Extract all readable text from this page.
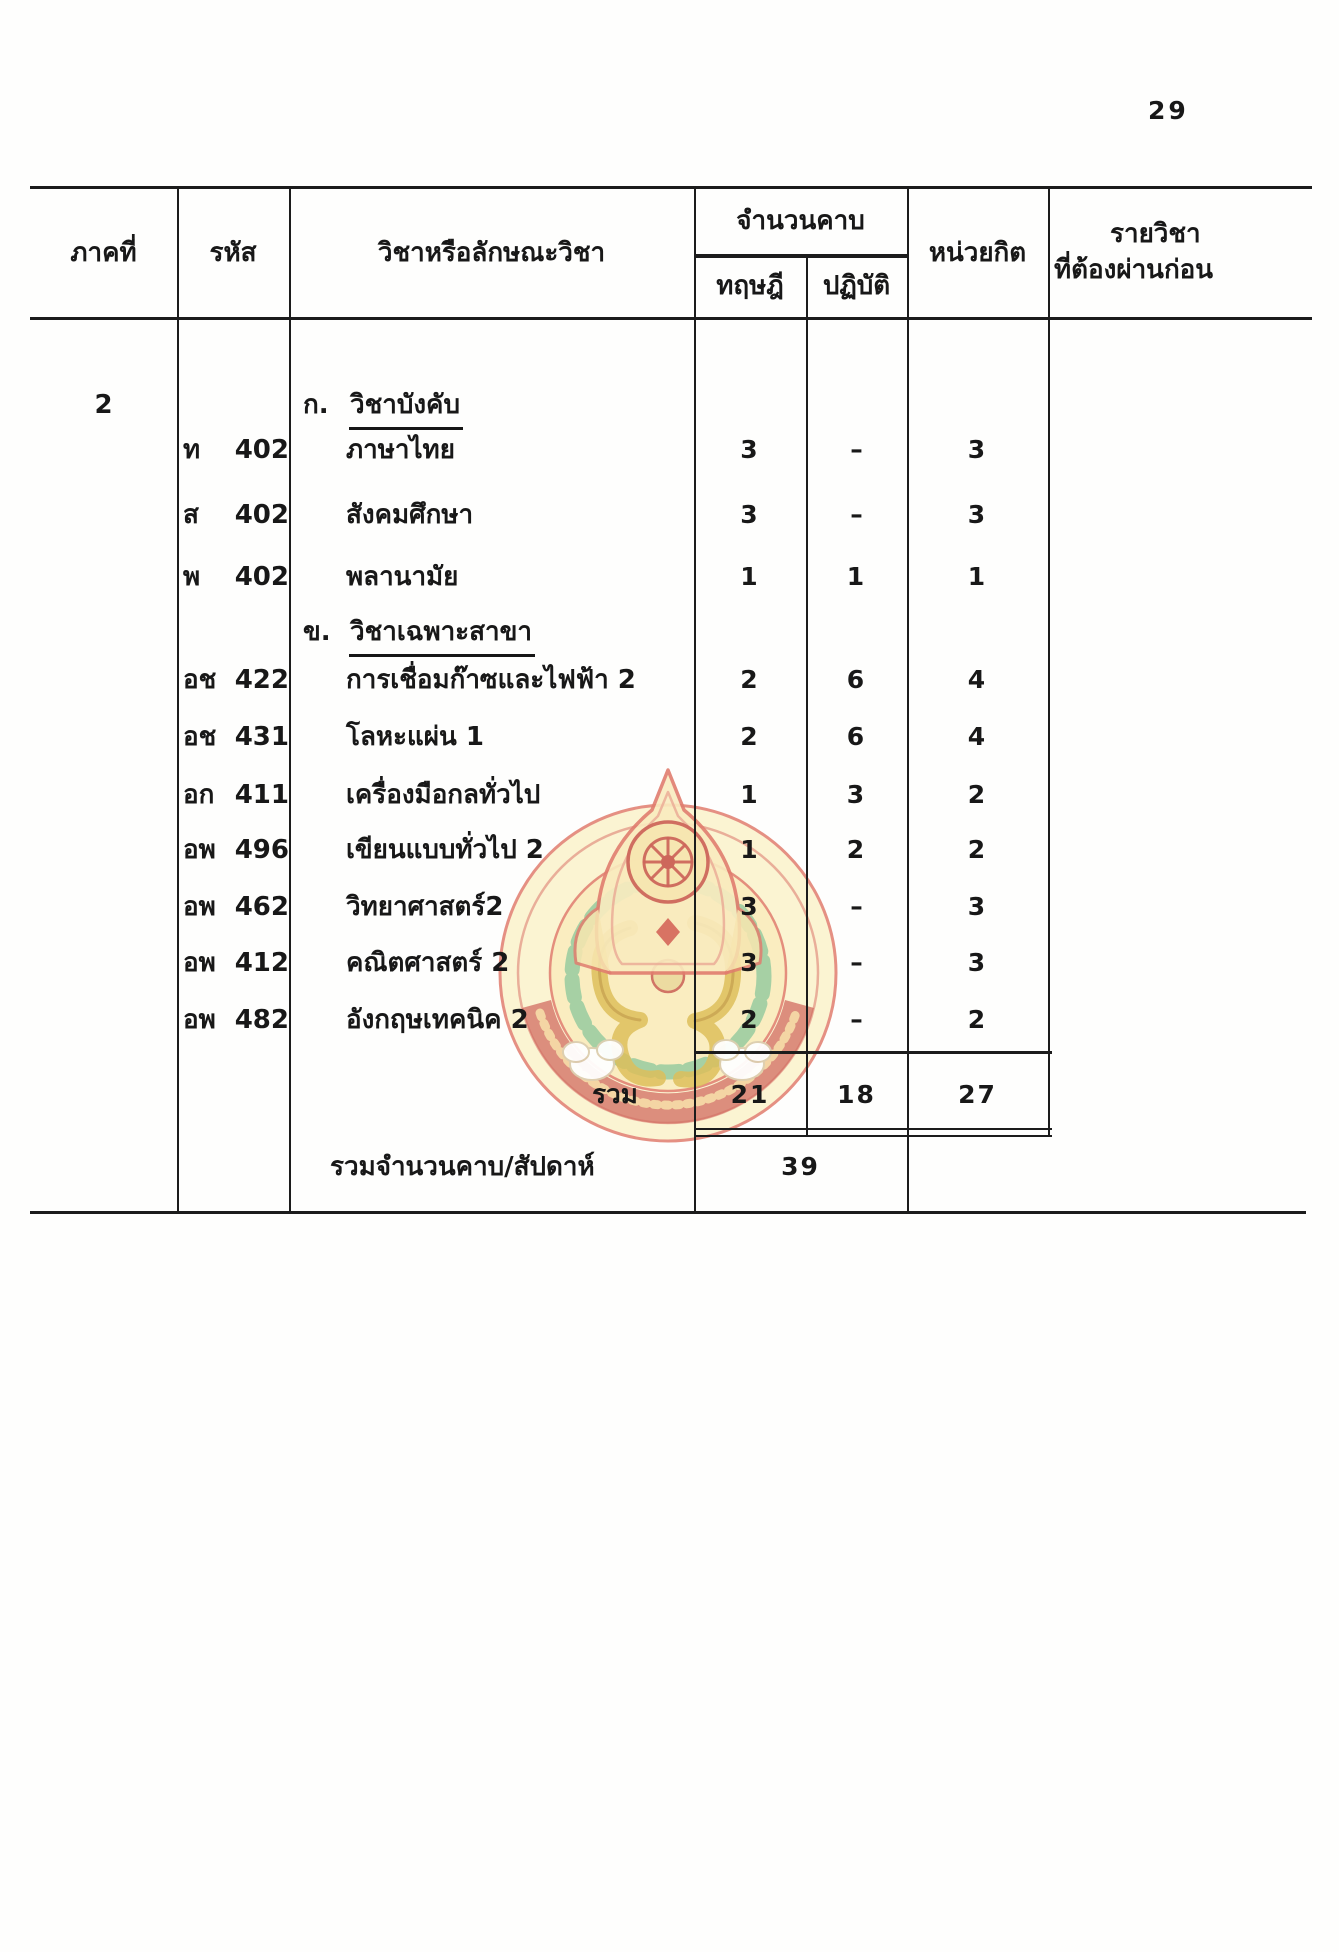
29
ภาคที่	รหัส	วิชาหรือลักษณะวิชา
จำนวนคาบ
ทฤษฎี	ปฏิบัติ
หน่วยกิต
รายวิชา
ที่ต้องผ่านก่อน
2	ก. วิชาบังคับ
ท 402 ภาษาไทย	3	–	3
ส 402 สังคมศึกษา	3	–	3
พ 402 พลานามัย	1	1	1
ข. วิชาเฉพาะสาขา
อช 422 การเชื่อมก๊าซและไฟฟ้า 2	2	6	4
อช 431 โลหะแผ่น 1	2	6	4
อก 411 เครื่องมือกลทั่วไป	1	3	2
อพ 496 เขียนแบบทั่วไป 2	1	2	2
อพ 462 วิทยาศาสตร์2	3	–	3
อพ 412 คณิตศาสตร์ 2	3	–	3
อพ 482 อังกฤษเทคนิค 2	2	–	2
รวม	21	18	27
รวมจำนวนคาบ/สัปดาห์	39
